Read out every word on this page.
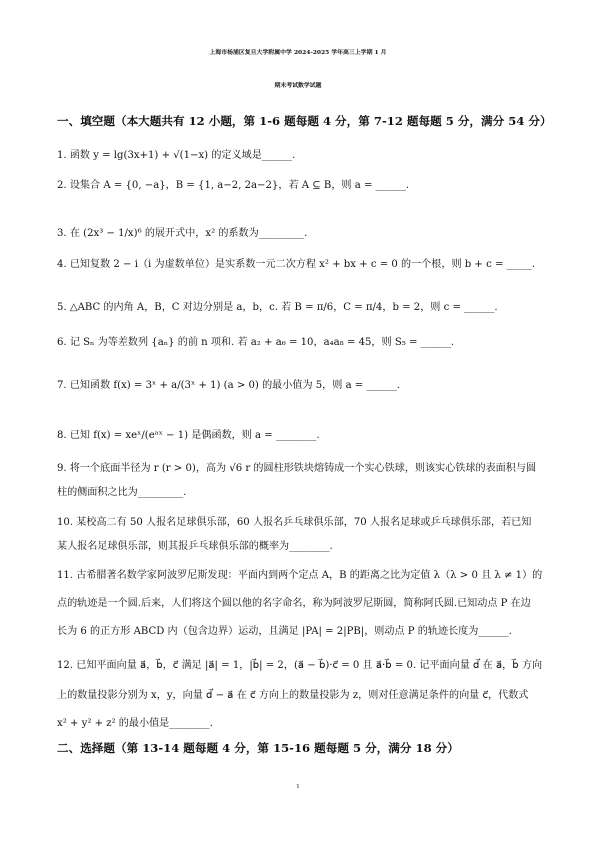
上海市杨浦区复旦大学附属中学 2024-2025 学年高三上学期 1 月
期末考试数学试题
一、填空题（本大题共有 12 小题，第 1-6 题每题 4 分，第 7-12 题每题 5 分，满分 54 分）
1. 函数 y = lg(3x+1) + √(1−x) 的定义域是______.
2. 设集合 A = {0, −a}，B = {1, a−2, 2a−2}，若 A ⊆ B，则 a = ______.
3. 在 (2x³ − 1/x)⁶ 的展开式中，x² 的系数为_________.
4. 已知复数 2 − i（i 为虚数单位）是实系数一元二次方程 x² + bx + c = 0 的一个根，则 b + c = _____.
5. △ABC 的内角 A，B，C 对边分别是 a，b，c. 若 B = π/6，C = π/4，b = 2，则 c = ______.
6. 记 Sₙ 为等差数列 {aₙ} 的前 n 项和. 若 a₂ + a₆ = 10，a₄a₈ = 45，则 S₅ = ______.
7. 已知函数 f(x) = 3ˣ + a/(3ˣ + 1) (a > 0) 的最小值为 5，则 a = ______.
8. 已知 f(x) = xeˣ/(eᵃˣ − 1) 是偶函数，则 a = ________.
9. 将一个底面半径为 r (r > 0)，高为 √6 r 的圆柱形铁块熔铸成一个实心铁球，则该实心铁球的表面积与圆
柱的侧面积之比为_________.
10. 某校高二有 50 人报名足球俱乐部，60 人报名乒乓球俱乐部，70 人报名足球或乒乓球俱乐部，若已知
某人报名足球俱乐部，则其报乒乓球俱乐部的概率为________.
11. 古希腊著名数学家阿波罗尼斯发现：平面内到两个定点 A，B 的距离之比为定值 λ（λ > 0 且 λ ≠ 1）的
点的轨迹是一个圆.后来，人们将这个圆以他的名字命名，称为阿波罗尼斯圆，简称阿氏圆.已知动点 P 在边
长为 6 的正方形 ABCD 内（包含边界）运动，且满足 |PA| = 2|PB|，则动点 P 的轨迹长度为______.
12. 已知平面向量 a⃗，b⃗，c⃗ 满足 |a⃗| = 1，|b⃗| = 2，(a⃗ − b⃗)·c⃗ = 0 且 a⃗·b⃗ = 0. 记平面向量 d⃗ 在 a⃗，b⃗ 方向
上的数量投影分别为 x，y，向量 d⃗ − a⃗ 在 c⃗ 方向上的数量投影为 z，则对任意满足条件的向量 c⃗，代数式
x² + y² + z² 的最小值是________.
二、选择题（第 13-14 题每题 4 分，第 15-16 题每题 5 分，满分 18 分）
1
